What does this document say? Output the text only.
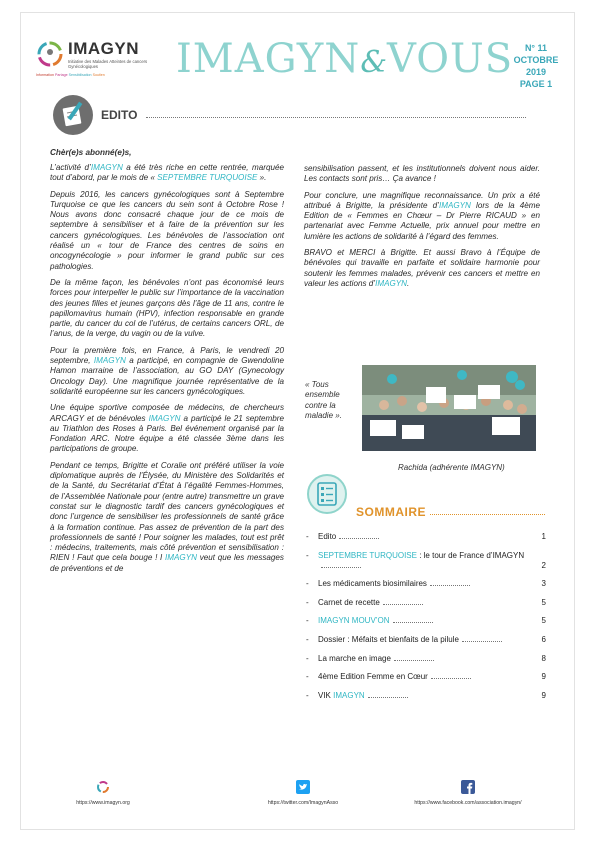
IMAGYN
Initiative des Malades Atteintes de cancers Gynécologiques
Information Partage Sensibilisation Soutien IMAGYN&VOUS	N° 11
OCTOBRE
2019
PAGE 1
EDITO
Chèr(e)s abonné(e)s,

L’activité d’IMAGYN a été très riche en cette rentrée, marquée tout d’abord, par le mois de « SEPTEMBRE TURQUOISE ».

Depuis 2016, les cancers gynécologiques sont à Septembre Turquoise ce que les cancers du sein sont à Octobre Rose ! Nous avons donc consacré chaque jour de ce mois de septembre à sensibiliser et à faire de la prévention sur les cancers gynécologiques. Les bénévoles de l’association ont réalisé un « tour de France des centres de soins en oncogynécologie » pour informer le grand public sur ces pathologies.

De la même façon, les bénévoles n’ont pas économisé leurs forces pour interpeller le public sur l’importance de la vaccination des jeunes filles et jeunes garçons dès l’âge de 11 ans, contre le papillomavirus humain (HPV), infection responsable en grande partie, du cancer du col de l’utérus, de certains cancers ORL, de l’anus, de la verge, du vagin ou de la vulve.

Pour la première fois, en France, à Paris, le vendredi 20 septembre, IMAGYN a participé, en compagnie de Gwendoline Hamon marraine de l’association, au GO DAY (Gynecology Oncology Day). Une magnifique journée représentative de la solidarité européenne sur les cancers gynécologiques.

Une équipe sportive composée de médecins, de chercheurs ARCAGY et de bénévoles IMAGYN a participé le 21 septembre au Triathlon des Roses à Paris. Bel événement organisé par la Fondation ARC. Notre équipe a été classée 3ème dans les participations de groupe.

Pendant ce temps, Brigitte et Coralie ont préféré utiliser la voie diplomatique auprès de l’Élysée, du Ministère des Solidarités et de la Santé, du Secrétariat d’État à l’égalité Femmes-Hommes, de l’Assemblée Nationale pour (entre autre) transmettre un grave constat sur le diagnostic tardif des cancers gynécologiques et donc l’urgence de sensibiliser les professionnels de santé grâce à la formation continue. Pas assez de prévention de la part des professionnels de santé ! Pour soigner les malades, tout est prêt : médecins, traitements, mais côté prévention et sensibilisation : RIEN ! Faut que cela bouge ! I IMAGYN veut que les messages de préventions et de

sensibilisation passent, et les institutionnels doivent nous aider. Les contacts sont pris… Ça avance !

Pour conclure, une magnifique reconnaissance. Un prix a été attribué à Brigitte, la présidente d’IMAGYN lors de la 4ème Edition de « Femmes en Chœur – Dr Pierre RICAUD » en partenariat avec Femme Actuelle, prix annuel pour mettre en lumière les actions de solidarité à l’égard des femmes.

BRAVO et MERCI à Brigitte. Et aussi Bravo à l’Équipe de bénévoles qui travaille en parfaite et solidaire harmonie pour soutenir les femmes malades, prévenir ces cancers et mettre en valeur les actions d’IMAGYN.

« Tous ensemble contre la maladie ».
Rachida (adhérente IMAGYN)
SOMMAIRE
-	Edito	1
-	SEPTEMBRE TURQUOISE : le tour de France d’IMAGYN
2
-	Les médicaments biosimilaires	3
-	Carnet de recette	5
-	IMAGYN MOUV’ON	5
-	Dossier : Méfaits et bienfaits de la pilule	6
-	La marche en image	8
-	4ème Edition Femme en Cœur	9
-	VIK IMAGYN	9
https://www.imagyn.org	https://twitter.com/ImagynAsso	https://www.facebook.com/association.imagyn/
